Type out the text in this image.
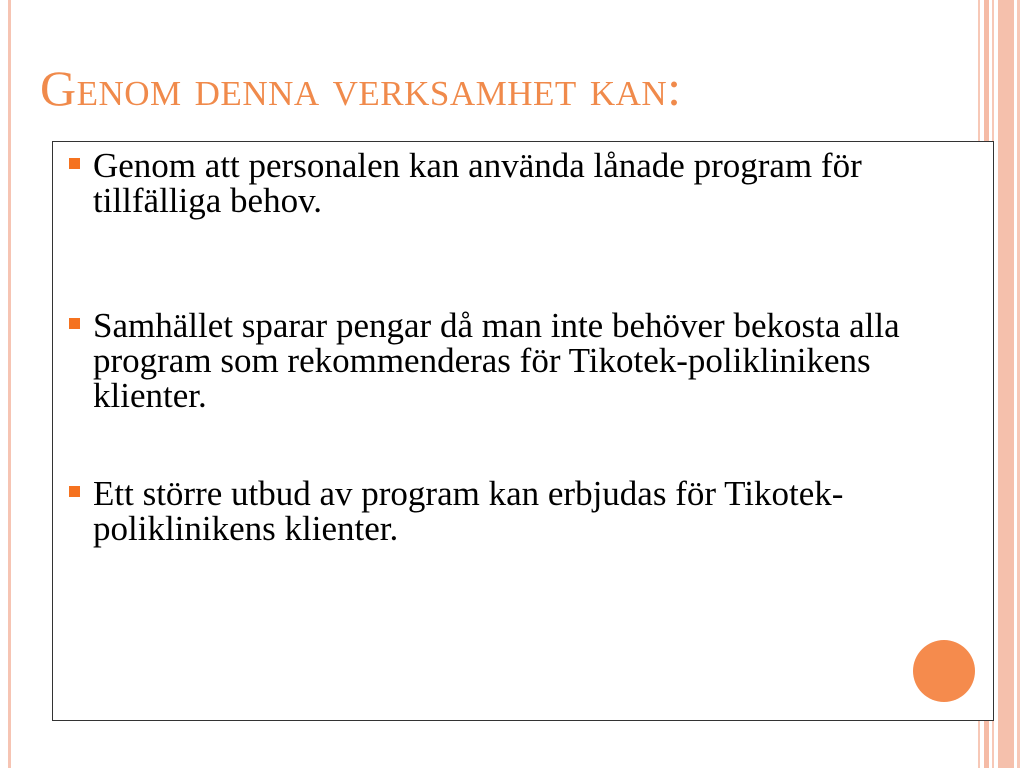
Genom denna verksamhet kan:
Genom att personalen kan använda lånade program för tillfälliga behov.
Samhället sparar pengar då man inte behöver bekosta alla program som rekommenderas för Tikotek-poliklinikens klienter.
Ett större utbud av program kan erbjudas för Tikotek-poliklinikens klienter.
